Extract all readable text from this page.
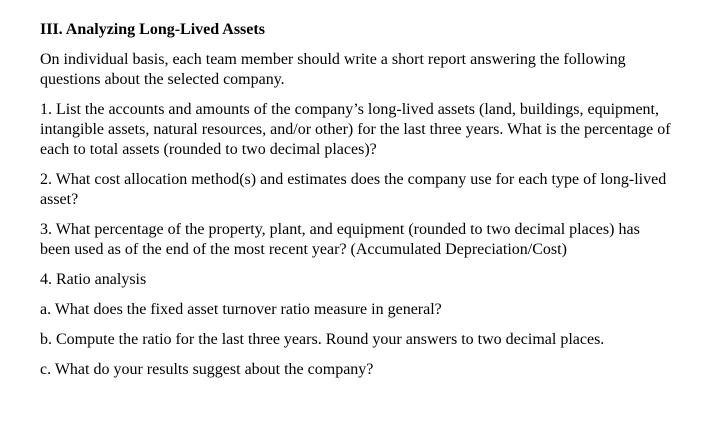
III. Analyzing Long-Lived Assets

On individual basis, each team member should write a short report answering the following questions about the selected company.

1. List the accounts and amounts of the company’s long-lived assets (land, buildings, equipment, intangible assets, natural resources, and/or other) for the last three years. What is the percentage of each to total assets (rounded to two decimal places)?

2. What cost allocation method(s) and estimates does the company use for each type of long-lived asset?

3. What percentage of the property, plant, and equipment (rounded to two decimal places) has been used as of the end of the most recent year? (Accumulated Depreciation/Cost)

4. Ratio analysis

a. What does the fixed asset turnover ratio measure in general?

b. Compute the ratio for the last three years. Round your answers to two decimal places.

c. What do your results suggest about the company?
